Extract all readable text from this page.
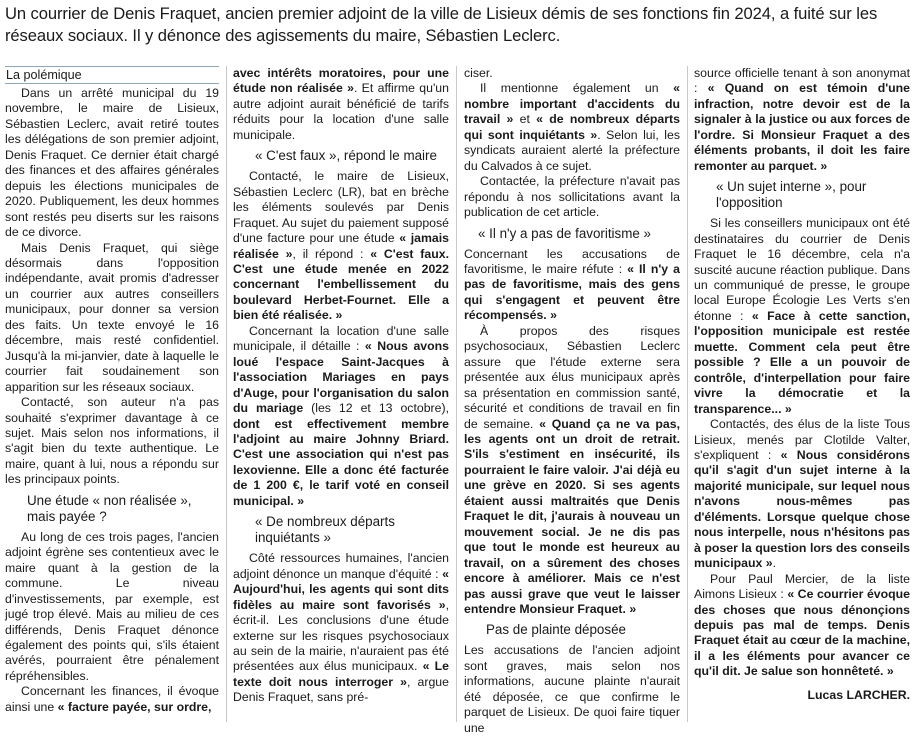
Un courrier de Denis Fraquet, ancien premier adjoint de la ville de Lisieux démis de ses fonctions fin 2024, a fuité sur les réseaux sociaux. Il y dénonce des agissements du maire, Sébastien Leclerc.
La polémique

Dans un arrêté municipal du 19 novembre, le maire de Lisieux, Sébastien Leclerc, avait retiré toutes les délégations de son premier adjoint, Denis Fraquet. Ce dernier était chargé des finances et des affaires générales depuis les élections municipales de 2020. Publiquement, les deux hommes sont restés peu diserts sur les raisons de ce divorce.

Mais Denis Fraquet, qui siège désormais dans l'opposition indépendante, avait promis d'adresser un courrier aux autres conseillers municipaux, pour donner sa version des faits. Un texte envoyé le 16 décembre, mais resté confidentiel. Jusqu'à la mi-janvier, date à laquelle le courrier fait soudainement son apparition sur les réseaux sociaux.

Contacté, son auteur n'a pas souhaité s'exprimer davantage à ce sujet. Mais selon nos informations, il s'agit bien du texte authentique. Le maire, quant à lui, nous a répondu sur les principaux points.

Une étude « non réalisée », mais payée ?

Au long de ces trois pages, l'ancien adjoint égrène ses contentieux avec le maire quant à la gestion de la commune. Le niveau d'investissements, par exemple, est jugé trop élevé. Mais au milieu de ces différends, Denis Fraquet dénonce également des points qui, s'ils étaient avérés, pourraient être pénalement répréhensibles.

Concernant les finances, il évoque ainsi une « facture payée, sur ordre,

avec intérêts moratoires, pour une étude non réalisée ». Et affirme qu'un autre adjoint aurait bénéficié de tarifs réduits pour la location d'une salle municipale.

« C'est faux », répond le maire

Contacté, le maire de Lisieux, Sébastien Leclerc (LR), bat en brèche les éléments soulevés par Denis Fraquet. Au sujet du paiement supposé d'une facture pour une étude « jamais réalisée », il répond : « C'est faux. C'est une étude menée en 2022 concernant l'embellissement du boulevard Herbet-Fournet. Elle a bien été réalisée. »

Concernant la location d'une salle municipale, il détaille : « Nous avons loué l'espace Saint-Jacques à l'association Mariages en pays d'Auge, pour l'organisation du salon du mariage (les 12 et 13 octobre), dont est effectivement membre l'adjoint au maire Johnny Briard. C'est une association qui n'est pas lexovienne. Elle a donc été facturée de 1 200 €, le tarif voté en conseil municipal. »

« De nombreux départs inquiétants »

Côté ressources humaines, l'ancien adjoint dénonce un manque d'équité : « Aujourd'hui, les agents qui sont dits fidèles au maire sont favorisés », écrit-il. Les conclusions d'une étude externe sur les risques psychosociaux au sein de la mairie, n'auraient pas été présentées aux élus municipaux. « Le texte doit nous interroger », argue Denis Fraquet, sans pré-

ciser.

Il mentionne également un « nombre important d'accidents du travail » et « de nombreux départs qui sont inquiétants ». Selon lui, les syndicats auraient alerté la préfecture du Calvados à ce sujet.

Contactée, la préfecture n'avait pas répondu à nos sollicitations avant la publication de cet article.

« Il n'y a pas de favoritisme »

Concernant les accusations de favoritisme, le maire réfute : « Il n'y a pas de favoritisme, mais des gens qui s'engagent et peuvent être récompensés. »

À propos des risques psychosociaux, Sébastien Leclerc assure que l'étude externe sera présentée aux élus municipaux après sa présentation en commission santé, sécurité et conditions de travail en fin de semaine. « Quand ça ne va pas, les agents ont un droit de retrait. S'ils s'estiment en insécurité, ils pourraient le faire valoir. J'ai déjà eu une grève en 2020. Si ses agents étaient aussi maltraités que Denis Fraquet le dit, j'aurais à nouveau un mouvement social. Je ne dis pas que tout le monde est heureux au travail, on a sûrement des choses encore à améliorer. Mais ce n'est pas aussi grave que veut le laisser entendre Monsieur Fraquet. »

Pas de plainte déposée

Les accusations de l'ancien adjoint sont graves, mais selon nos informations, aucune plainte n'aurait été déposée, ce que confirme le parquet de Lisieux. De quoi faire tiquer une

source officielle tenant à son anonymat : « Quand on est témoin d'une infraction, notre devoir est de la signaler à la justice ou aux forces de l'ordre. Si Monsieur Fraquet a des éléments probants, il doit les faire remonter au parquet. »

« Un sujet interne », pour l'opposition

Si les conseillers municipaux ont été destinataires du courrier de Denis Fraquet le 16 décembre, cela n'a suscité aucune réaction publique. Dans un communiqué de presse, le groupe local Europe Écologie Les Verts s'en étonne : « Face à cette sanction, l'opposition municipale est restée muette. Comment cela peut être possible ? Elle a un pouvoir de contrôle, d'interpellation pour faire vivre la démocratie et la transparence... »

Contactés, des élus de la liste Tous Lisieux, menés par Clotilde Valter, s'expliquent : « Nous considérons qu'il s'agit d'un sujet interne à la majorité municipale, sur lequel nous n'avons nous-mêmes pas d'éléments. Lorsque quelque chose nous interpelle, nous n'hésitons pas à poser la question lors des conseils municipaux ».

Pour Paul Mercier, de la liste Aimons Lisieux : « Ce courrier évoque des choses que nous dénonçions depuis pas mal de temps. Denis Fraquet était au cœur de la machine, il a les éléments pour avancer ce qu'il dit. Je salue son honnêteté. »

Lucas LARCHER.
